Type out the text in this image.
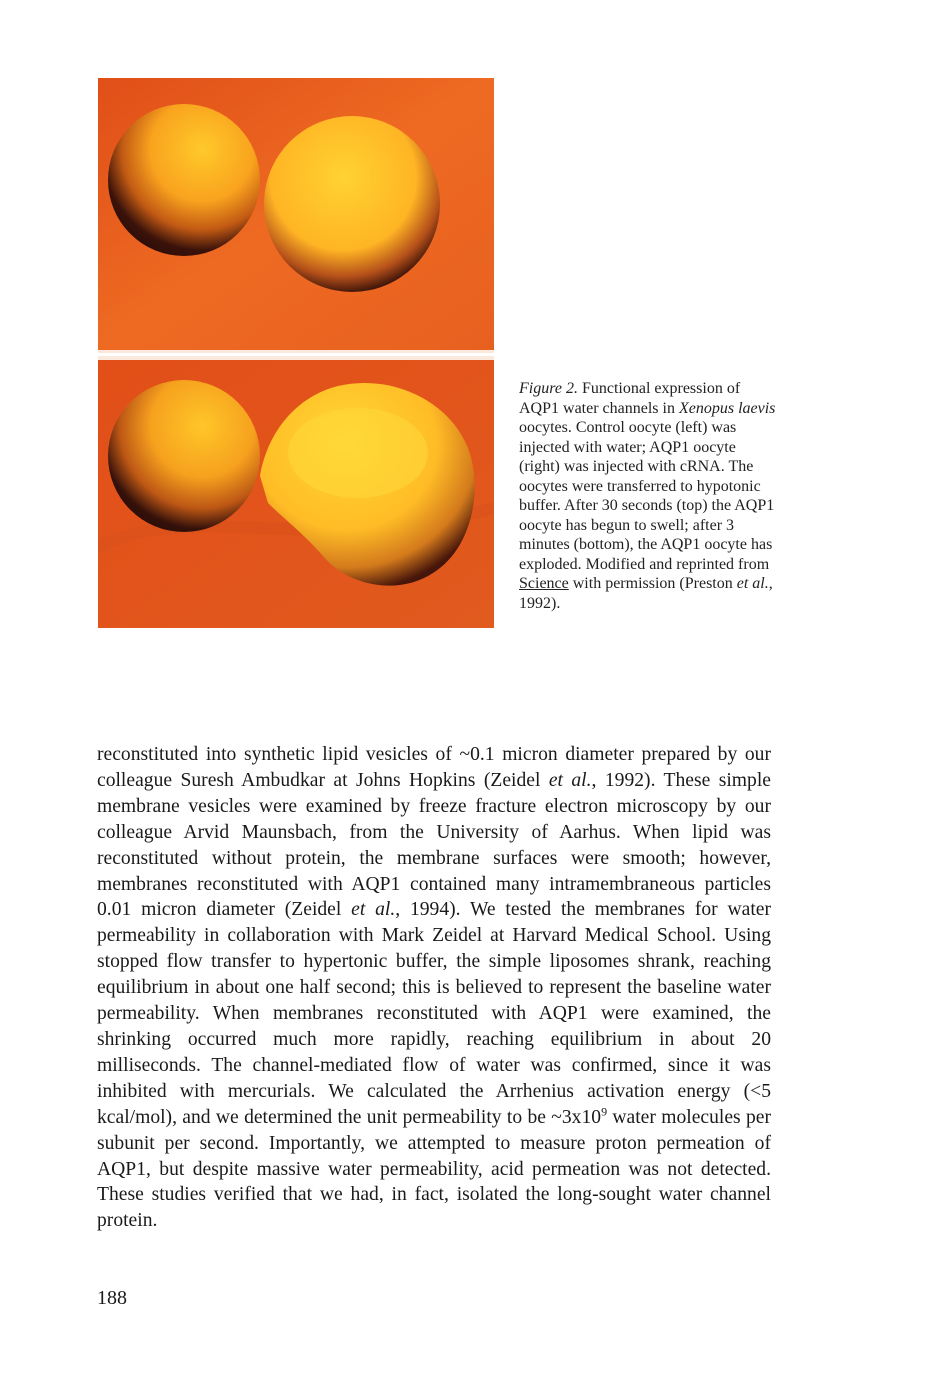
Figure 2. Functional expression of AQP1 water channels in Xenopus laevis oocytes. Control oocyte (left) was injected with water; AQP1 oocyte (right) was injected with cRNA. The oocytes were transferred to hypotonic buffer. After 30 seconds (top) the AQP1 oocyte has begun to swell; after 3 minutes (bottom), the AQP1 oocyte has exploded. Modified and reprinted from Science with permission (Preston et al., 1992).
reconstituted into synthetic lipid vesicles of ~0.1 micron diameter prepared by our colleague Suresh Ambudkar at Johns Hopkins (Zeidel et al., 1992). These simple membrane vesicles were examined by freeze fracture electron microscopy by our colleague Arvid Maunsbach, from the University of Aarhus. When lipid was reconstituted without protein, the membrane surfaces were smooth; however, membranes reconstituted with AQP1 contained many intramembraneous particles 0.01 micron diameter (Zeidel et al., 1994). We tested the membranes for water permeability in collaboration with Mark Zeidel at Harvard Medical School. Using stopped flow transfer to hypertonic buffer, the simple liposomes shrank, reaching equilibrium in about one half second; this is believed to represent the baseline water permeability. When membranes reconstituted with AQP1 were examined, the shrinking occurred much more rapidly, reaching equilibrium in about 20 milliseconds. The channel-mediated flow of water was confirmed, since it was inhibited with mercurials. We calculated the Arrhenius activation energy (<5 kcal/mol), and we determined the unit permeability to be $\sim 3x10^9$ water molecules per subunit per second. Importantly, we attempted to measure proton permeation of AQP1, but despite massive water permeability, acid permeation was not detected. These studies verified that we had, in fact, isolated the long-sought water channel protein.
188
